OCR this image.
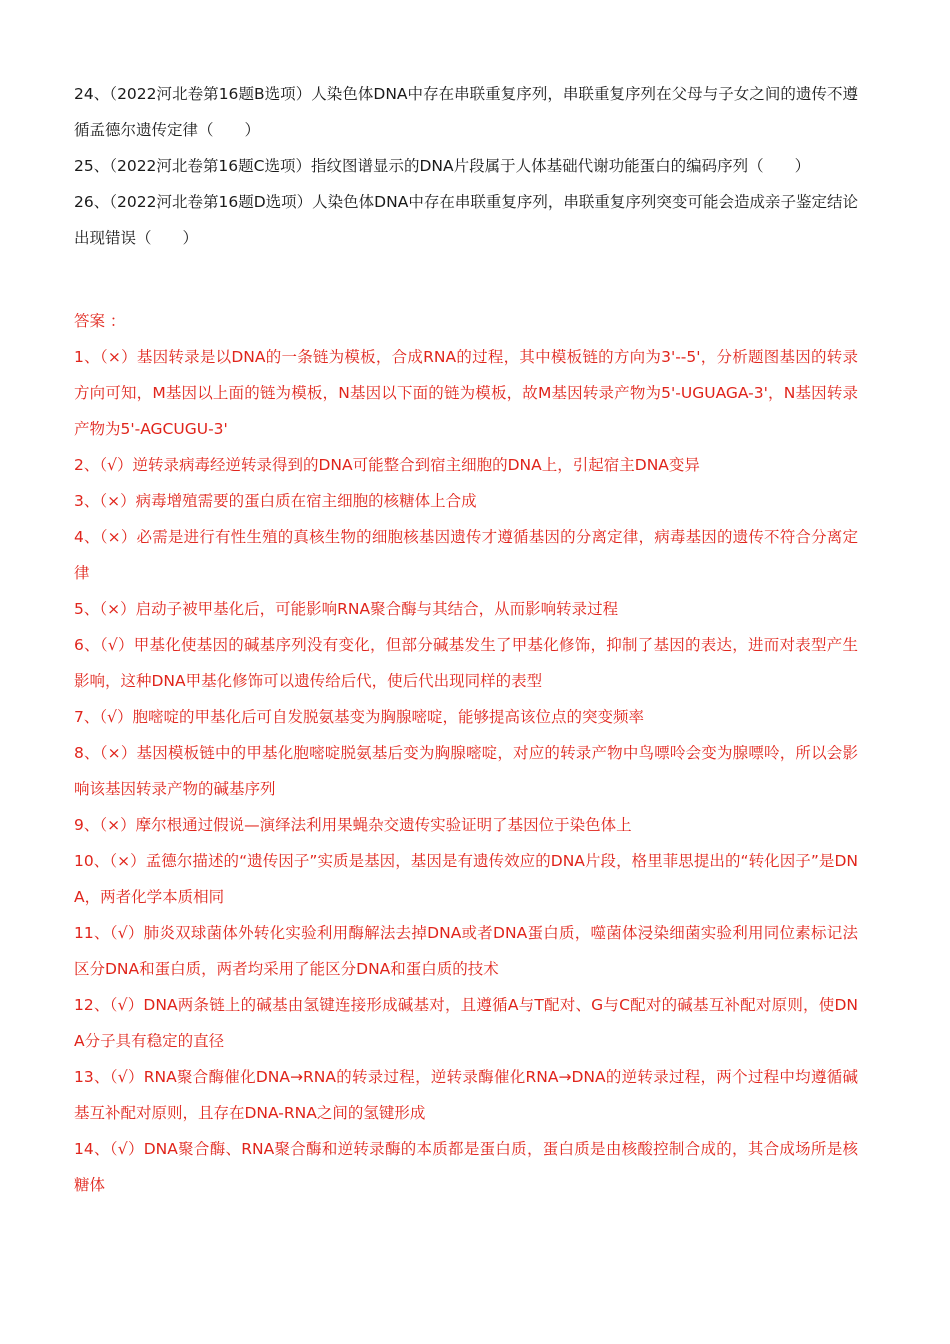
24、（2022河北卷第16题B选项）人染色体DNA中存在串联重复序列，串联重复序列在父母与子女之间的遗传不遵循孟德尔遗传定律（　　）

25、（2022河北卷第16题C选项）指纹图谱显示的DNA片段属于人体基础代谢功能蛋白的编码序列（　　）

26、（2022河北卷第16题D选项）人染色体DNA中存在串联重复序列，串联重复序列突变可能会造成亲子鉴定结论出现错误（　　）

答案 ：

1、（×）基因转录是以DNA的一条链为模板，合成RNA的过程，其中模板链的方向为3'--5'，分析题图基因的转录方向可知，M基因以上面的链为模板，N基因以下面的链为模板，故M基因转录产物为5'-UGUAGA-3'，N基因转录产物为5'-AGCUGU-3'

2、（√）逆转录病毒经逆转录得到的DNA可能整合到宿主细胞的DNA上，引起宿主DNA变异

3、（×）病毒增殖需要的蛋白质在宿主细胞的核糖体上合成

4、（×）必需是进行有性生殖的真核生物的细胞核基因遗传才遵循基因的分离定律，病毒基因的遗传不符合分离定律

5、（×）启动子被甲基化后，可能影响RNA聚合酶与其结合，从而影响转录过程

6、（√）甲基化使基因的碱基序列没有变化，但部分碱基发生了甲基化修饰，抑制了基因的表达，进而对表型产生影响，这种DNA甲基化修饰可以遗传给后代，使后代出现同样的表型

7、（√）胞嘧啶的甲基化后可自发脱氨基变为胸腺嘧啶，能够提高该位点的突变频率

8、（×）基因模板链中的甲基化胞嘧啶脱氨基后变为胸腺嘧啶，对应的转录产物中鸟嘌呤会变为腺嘌呤，所以会影响该基因转录产物的碱基序列

9、（×）摩尔根通过假说—演绎法利用果蝇杂交遗传实验证明了基因位于染色体上

10、（×）孟德尔描述的“遗传因子”实质是基因，基因是有遗传效应的DNA片段，格里菲思提出的“转化因子”是DNA，两者化学本质相同

11、（√）肺炎双球菌体外转化实验利用酶解法去掉DNA或者DNA蛋白质，噬菌体浸染细菌实验利用同位素标记法区分DNA和蛋白质，两者均采用了能区分DNA和蛋白质的技术

12、（√）DNA两条链上的碱基由氢键连接形成碱基对，且遵循A与T配对、G与C配对的碱基互补配对原则，使DNA分子具有稳定的直径

13、（√）RNA聚合酶催化DNA→RNA的转录过程，逆转录酶催化RNA→DNA的逆转录过程，两个过程中均遵循碱基互补配对原则，且存在DNA-RNA之间的氢键形成

14、（√）DNA聚合酶、RNA聚合酶和逆转录酶的本质都是蛋白质，蛋白质是由核酸控制合成的，其合成场所是核糖体
